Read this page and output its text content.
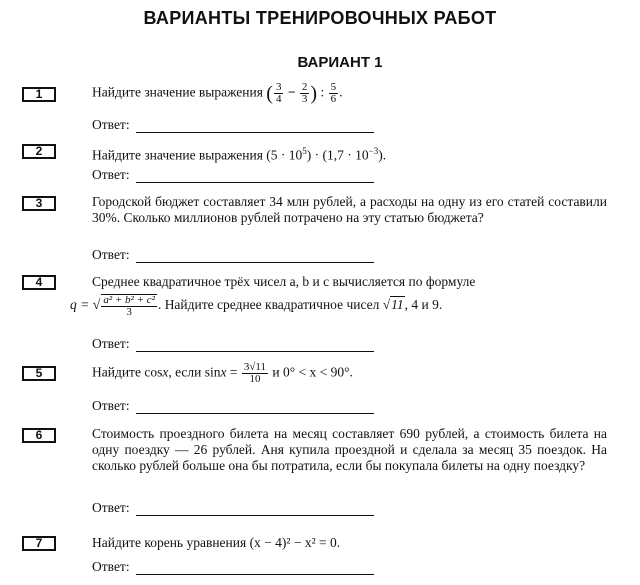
ВАРИАНТЫ ТРЕНИРОВОЧНЫХ РАБОТ
ВАРИАНТ 1
1	Найдите значение выражения ( $\frac{3}{4} - \frac{2}{3}$ ) : $\frac{5}{6}$ .
Ответ:
2	Найдите значение выражения $(5 \cdot 10^5) \cdot (1,7 \cdot 10^{-3})$.
Ответ:
3	Городской бюджет составляет 34 млн рублей, а расходы на одну из его статей составили 30%. Сколько миллионов рублей потрачено на эту статью бюджета?
Ответ:
4	Среднее квадратичное трёх чисел a, b и c вычисляется по формуле
q = √ $\frac{\text{a² + b² + c²}}{3}$ . Найдите среднее квадратичное чисел √11, 4 и 9.
Ответ:
5	Найдите cosx, если $\sin x = \frac{3√11}{10}$ и 0° < x < 90°.
Ответ:
6	Стоимость проездного билета на месяц составляет 690 рублей, а стоимость билета на одну поездку — 26 рублей. Аня купила проездной и сделала за месяц 35 поездок. На сколько рублей больше она бы потратила, если бы покупала билеты на одну поездку?
Ответ:
7	Найдите корень уравнения (x − 4)² − x² = 0.
Ответ:
